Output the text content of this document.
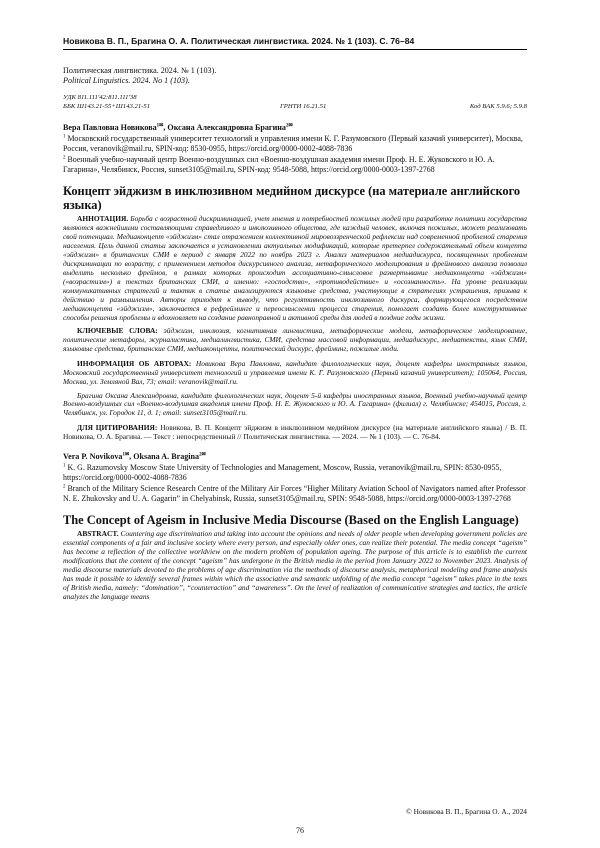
Новикова В. П., Брагина О. А. Политическая лингвистика. 2024. № 1 (103). С. 76–84
Политическая лингвистика. 2024. № 1 (103).
Political Linguistics. 2024. No 1 (103).
УДК 811.111'42:811.111'38
ББК Ш143.21-55+Ш143.21-51	ГРНТИ 16.21.51	Код ВАК 5.9.6; 5.9.8
Вера Павловна Новикова$^{1✉}$, Оксана Александровна Брагина$^{2✉}$
$^1$ Московский государственный университет технологий и управления имени К. Г. Разумовского (Первый казачий университет), Москва, Россия, veranovik@mail.ru, SPIN-код: 8530-0955, https://orcid.org/0000-0002-4088-7836
$^2$ Военный учебно-научный центр Военно-воздушных сил «Военно-воздушная академия имени Проф. Н. Е. Жуковского и Ю. А. Гагарина», Челябинск, Россия, sunset3105@mail.ru, SPIN-код: 9548-5088, https://orcid.org/0000-0003-1397-2768
Концепт эйджизм в инклюзивном медийном дискурсе (на материале английского языка)
АННОТАЦИЯ. Борьба с возрастной дискриминацией, учет мнения и потребностей пожилых людей при разработке политики государства являются важнейшими составляющими справедливого и инклюзивного общества, где каждый человек, включая пожилых, может реализовать свой потенциал. Медиаконцепт «эйджизм» стал отражением коллективной мировоззренческой рефлексии над современной проблемой старения населения. Цель данной статьи заключается в установлении актуальных модификаций, которые претерпел содержательный объем концепта «эйджизм» в британских СМИ в период с января 2022 по ноябрь 2023 г. Анализ материалов медиадискурса, посвященных проблемам дискриминации по возрасту, с применением методов дискурсивного анализа, метафорического моделирования и фреймового анализа позволил выделить несколько фреймов, в рамках которых происходит ассоциативно-смысловое развертывание медиаконцепта «эйджизм» («возрастизм») в текстах британских СМИ, а именно: «господство», «противодействие» и «осознанность». На уровне реализации коммуникативных стратегий и тактик в статье анализируются языковые средства, участвующие в стратегиях устрашения, призыва к действию и размышления. Авторы приходят к выводу, что регулятивность инклюзивного дискурса, формирующегося посредством медиаконцепта «эйджизм», заключается в рефрейминге и переосмыслении процесса старения, помогает создать более конструктивные способы решения проблемы и вдохновляет на создание равноправной и активной среды для людей в поздние годы жизни.
КЛЮЧЕВЫЕ СЛОВА: эйджизм, инклюзия, когнитивная лингвистика, метафорические модели, метафорическое моделирование, политические метафоры, журналистика, медиалингвистика, СМИ, средства массовой информации, медиадискурс, медиатексты, язык СМИ, языковые средства, британские СМИ, медиаконцепты, политический дискурс, фрейминг, пожилые люди.
ИНФОРМАЦИЯ ОБ АВТОРАХ: Новикова Вера Павловна, кандидат филологических наук, доцент кафедры иностранных языков, Московский государственный университет технологий и управления имени К. Г. Разумовского (Первый казачий университет); 105064, Россия, Москва, ул. Земляной Вал, 73; email: veranovik@mail.ru.
Брагина Оксана Александровна, кандидат филологических наук, доцент 5-й кафедры иностранных языков, Военный учебно-научный центр Военно-воздушных сил «Военно-воздушная академия имени Проф. Н. Е. Жуковского и Ю. А. Гагарина» (филиал) г. Челябинске; 454015, Россия, г. Челябинск, ул. Городок 11, д. 1; email: sunset3105@mail.ru.
ДЛЯ ЦИТИРОВАНИЯ: Новикова, В. П. Концепт эйджизм в инклюзивном медийном дискурсе (на материале английского языка) / В. П. Новикова, О. А. Брагина. — Текст : непосредственный // Политическая лингвистика. — 2024. — № 1 (103). — С. 76-84.
Vera P. Novikova$^{1✉}$, Oksana A. Bragina$^{2✉}$
$^1$ K. G. Razumovsky Moscow State University of Technologies and Management, Moscow, Russia, veranovik@mail.ru, SPIN: 8530-0955, https://orcid.org/0000-0002-4088-7836
$^2$ Branch of the Military Science Research Centre of the Military Air Forces “Higher Military Aviation School of Navigators named after Professor N. E. Zhukovsky and U. A. Gagarin” in Chelyabinsk, Russia, sunset3105@mail.ru, SPIN: 9548-5088, https://orcid.org/0000-0003-1397-2768
The Concept of Ageism in Inclusive Media Discourse (Based on the English Language)
ABSTRACT. Countering age discrimination and taking into account the opinions and needs of older people when developing government policies are essential components of a fair and inclusive society where every person, and especially older ones, can realize their potential. The media concept “ageism” has become a reflection of the collective worldview on the modern problem of population ageing. The purpose of this article is to establish the current modifications that the content of the concept “ageism” has undergone in the British media in the period from January 2022 to November 2023. Analysis of media discourse materials devoted to the problems of age discrimination via the methods of discourse analysis, metaphorical modeling and frame analysis has made it possible to identify several frames within which the associative and semantic unfolding of the media concept “ageism” takes place in the texts of British media, namely: “domination”, “counteraction” and “awareness”. On the level of realization of communicative strategies and tactics, the article analyzes the language means
© Новикова В. П., Брагина О. А., 2024
76
